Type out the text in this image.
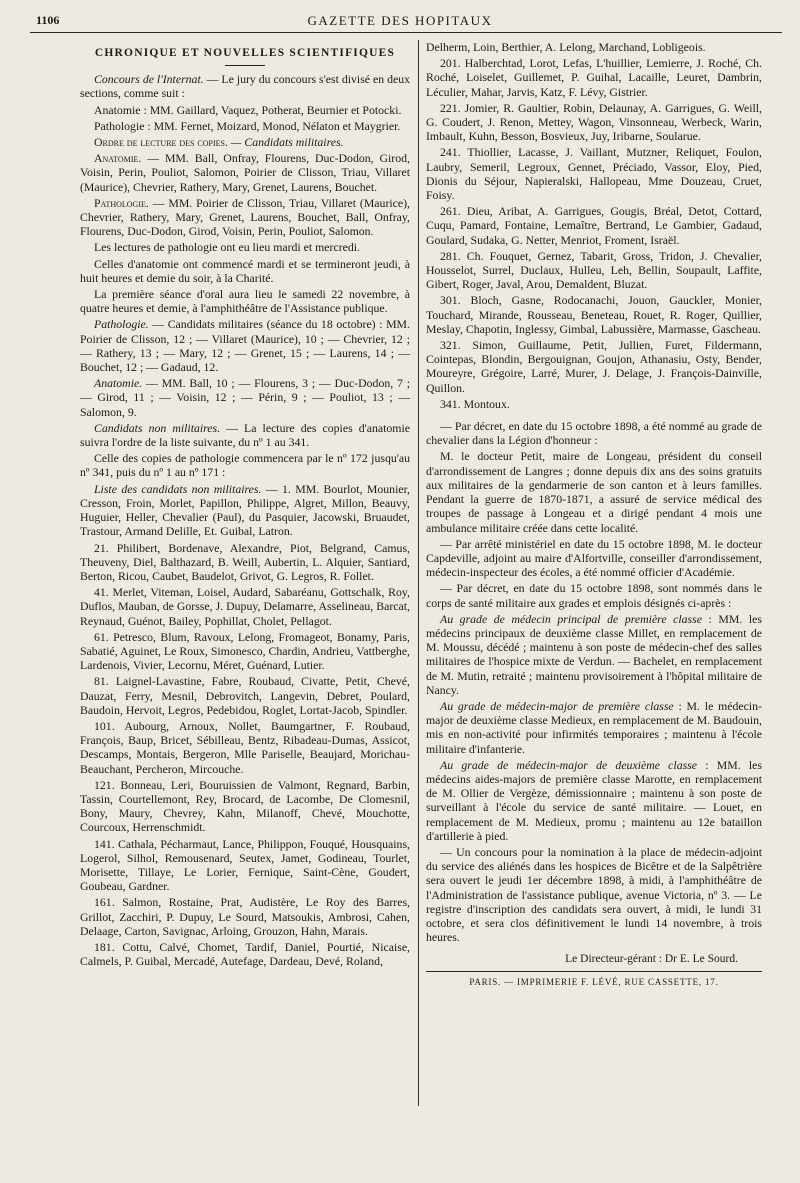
1106	GAZETTE DES HOPITAUX
CHRONIQUE ET NOUVELLES SCIENTIFIQUES

Concours de l'Internat. — Le jury du concours s'est divisé en deux sections, comme suit :

Anatomie : MM. Gaillard, Vaquez, Potherat, Beurnier et Potocki.

Pathologie : MM. Fernet, Moizard, Monod, Nélaton et Maygrier.

Ordre de lecture des copies. — Candidats militaires.

Anatomie. — MM. Ball, Onfray, Flourens, Duc-Dodon, Girod, Voisin, Perin, Pouliot, Salomon, Poirier de Clisson, Triau, Villaret (Maurice), Chevrier, Rathery, Mary, Grenet, Laurens, Bouchet.

Pathologie. — MM. Poirier de Clisson, Triau, Villaret (Maurice), Chevrier, Rathery, Mary, Grenet, Laurens, Bouchet, Ball, Onfray, Flourens, Duc-Dodon, Girod, Voisin, Perin, Pouliot, Salomon.

Les lectures de pathologie ont eu lieu mardi et mercredi.

Celles d'anatomie ont commencé mardi et se termineront jeudi, à huit heures et demie du soir, à la Charité.

La première séance d'oral aura lieu le samedi 22 novembre, à quatre heures et demie, à l'amphithéâtre de l'Assistance publique.

Pathologie. — Candidats militaires (séance du 18 octobre) : MM. Poirier de Clisson, 12 ; — Villaret (Maurice), 10 ; — Chevrier, 12 ; — Rathery, 13 ; — Mary, 12 ; — Grenet, 15 ; — Laurens, 14 ; — Bouchet, 12 ; — Gadaud, 12.

Anatomie. — MM. Ball, 10 ; — Flourens, 3 ; — Duc-Dodon, 7 ; — Girod, 11 ; — Voisin, 12 ; — Périn, 9 ; — Pouliot, 13 ; — Salomon, 9.

Candidats non militaires. — La lecture des copies d'anatomie suivra l'ordre de la liste suivante, du nº 1 au 341.

Celle des copies de pathologie commencera par le nº 172 jusqu'au nº 341, puis du nº 1 au nº 171 :

Liste des candidats non militaires. — 1. MM. Bourlot, Mounier, Cresson, Froin, Morlet, Papillon, Philippe, Algret, Millon, Beauvy, Huguier, Heller, Chevalier (Paul), du Pasquier, Jacowski, Bruaudet, Trastour, Armand Delille, Et. Guibal, Latron.

21. Philibert, Bordenave, Alexandre, Piot, Belgrand, Camus, Theuveny, Diel, Balthazard, B. Weill, Aubertin, L. Alquier, Santiard, Berton, Ricou, Caubet, Baudelot, Grivot, G. Legros, R. Follet.

41. Merlet, Viteman, Loisel, Audard, Sabaréanu, Gottschalk, Roy, Duflos, Mauban, de Gorsse, J. Dupuy, Delamarre, Asselineau, Barcat, Reynaud, Guénot, Bailey, Pophillat, Cholet, Pellagot.

61. Petresco, Blum, Ravoux, Lelong, Fromageot, Bonamy, Paris, Sabatié, Aguinet, Le Roux, Simonesco, Chardin, Andrieu, Vattberghe, Lardenois, Vivier, Lecornu, Méret, Guénard, Lutier.

81. Laignel-Lavastine, Fabre, Roubaud, Civatte, Petit, Chevé, Dauzat, Ferry, Mesnil, Debrovitch, Langevin, Debret, Poulard, Baudoin, Hervoit, Legros, Pedebidou, Roglet, Lortat-Jacob, Spindler.

101. Aubourg, Arnoux, Nollet, Baumgartner, F. Roubaud, François, Baup, Bricet, Sébilleau, Bentz, Ribadeau-Dumas, Assicot, Descamps, Montais, Bergeron, Mlle Pariselle, Beaujard, Morichau-Beauchant, Percheron, Mircouche.

121. Bonneau, Leri, Bouruissien de Valmont, Regnard, Barbin, Tassin, Courtellemont, Rey, Brocard, de Lacombe, De Clomesnil, Bony, Maury, Chevrey, Kahn, Milanoff, Chevé, Mouchotte, Courcoux, Herrenschmidt.

141. Cathala, Pécharmaut, Lance, Philippon, Fouqué, Housquains, Logerol, Silhol, Remousenard, Seutex, Jamet, Godineau, Tourlet, Morisette, Tillaye, Le Lorier, Fernique, Saint-Cène, Goudert, Goubeau, Gardner.

161. Salmon, Rostaine, Prat, Audistère, Le Roy des Barres, Grillot, Zacchiri, P. Dupuy, Le Sourd, Matsoukis, Ambrosi, Cahen, Delaage, Carton, Savignac, Arloing, Grouzon, Hahn, Marais.

181. Cottu, Calvé, Chomet, Tardif, Daniel, Pourtié, Nicaise, Calmels, P. Guibal, Mercadé, Autefage, Dardeau, Devé, Roland,

Delherm, Loin, Berthier, A. Lelong, Marchand, Lobligeois.

201. Halberchtad, Lorot, Lefas, L'huillier, Lemierre, J. Roché, Ch. Roché, Loiselet, Guillemet, P. Guihal, Lacaille, Leuret, Dambrin, Léculier, Mahar, Jarvis, Katz, F. Lévy, Gistrier.

221. Jomier, R. Gaultier, Robin, Delaunay, A. Garrigues, G. Weill, G. Coudert, J. Renon, Mettey, Wagon, Vinsonneau, Werbeck, Warin, Imbault, Kuhn, Besson, Bosvieux, Juy, Iribarne, Soularue.

241. Thiollier, Lacasse, J. Vaillant, Mutzner, Reliquet, Foulon, Laubry, Semeril, Legroux, Gennet, Préciado, Vassor, Eloy, Pied, Dionis du Séjour, Napieralski, Hallopeau, Mme Douzeau, Cruet, Foisy.

261. Dieu, Aribat, A. Garrigues, Gougis, Bréal, Detot, Cottard, Cuqu, Pamard, Fontaine, Lemaître, Bertrand, Le Gambier, Gadaud, Goulard, Sudaka, G. Netter, Menriot, Froment, Israël.

281. Ch. Fouquet, Gernez, Tabarit, Gross, Tridon, J. Chevalier, Housselot, Surrel, Duclaux, Hulleu, Leh, Bellin, Soupault, Laffite, Gibert, Roger, Javal, Arou, Demaldent, Bluzat.

301. Bloch, Gasne, Rodocanachi, Jouon, Gauckler, Monier, Touchard, Mirande, Rousseau, Beneteau, Rouet, R. Roger, Quillier, Meslay, Chapotin, Inglessy, Gimbal, Labussière, Marmasse, Gascheau.

321. Simon, Guillaume, Petit, Jullien, Furet, Fildermann, Cointepas, Blondin, Bergouignan, Goujon, Athanasiu, Osty, Bender, Moureyre, Grégoire, Larré, Murer, J. Delage, J. François-Dainville, Quillon.

341. Montoux.

— Par décret, en date du 15 octobre 1898, a été nommé au grade de chevalier dans la Légion d'honneur :

M. le docteur Petit, maire de Longeau, président du conseil d'arrondissement de Langres ; donne depuis dix ans des soins gratuits aux militaires de la gendarmerie de son canton et à leurs familles. Pendant la guerre de 1870-1871, a assuré de service médical des troupes de passage à Longeau et a dirigé pendant 4 mois une ambulance militaire créée dans cette localité.

— Par arrêté ministériel en date du 15 octobre 1898, M. le docteur Capdeville, adjoint au maire d'Alfortville, conseiller d'arrondissement, médecin-inspecteur des écoles, a été nommé officier d'Académie.

— Par décret, en date du 15 octobre 1898, sont nommés dans le corps de santé militaire aux grades et emplois désignés ci-après :

Au grade de médecin principal de première classe : MM. les médecins principaux de deuxième classe Millet, en remplacement de M. Moussu, décédé ; maintenu à son poste de médecin-chef des salles militaires de l'hospice mixte de Verdun. — Bachelet, en remplacement de M. Mutin, retraité ; maintenu provisoirement à l'hôpital militaire de Nancy.

Au grade de médecin-major de première classe : M. le médecin-major de deuxième classe Medieux, en remplacement de M. Baudouin, mis en non-activité pour infirmités temporaires ; maintenu à l'école militaire d'infanterie.

Au grade de médecin-major de deuxième classe : MM. les médecins aides-majors de première classe Marotte, en remplacement de M. Ollier de Vergèze, démissionnaire ; maintenu à son poste de surveillant à l'école du service de santé militaire. — Louet, en remplacement de M. Medieux, promu ; maintenu au 12e bataillon d'artillerie à pied.

— Un concours pour la nomination à la place de médecin-adjoint du service des aliénés dans les hospices de Bicêtre et de la Salpêtrière sera ouvert le jeudi 1er décembre 1898, à midi, à l'amphithéâtre de l'Administration de l'assistance publique, avenue Victoria, nº 3. — Le registre d'inscription des candidats sera ouvert, à midi, le lundi 31 octobre, et sera clos définitivement le lundi 14 novembre, à trois heures.

Le Directeur-gérant : Dr E. Le Sourd.
PARIS. — IMPRIMERIE F. LÉVÉ, RUE CASSETTE, 17.
